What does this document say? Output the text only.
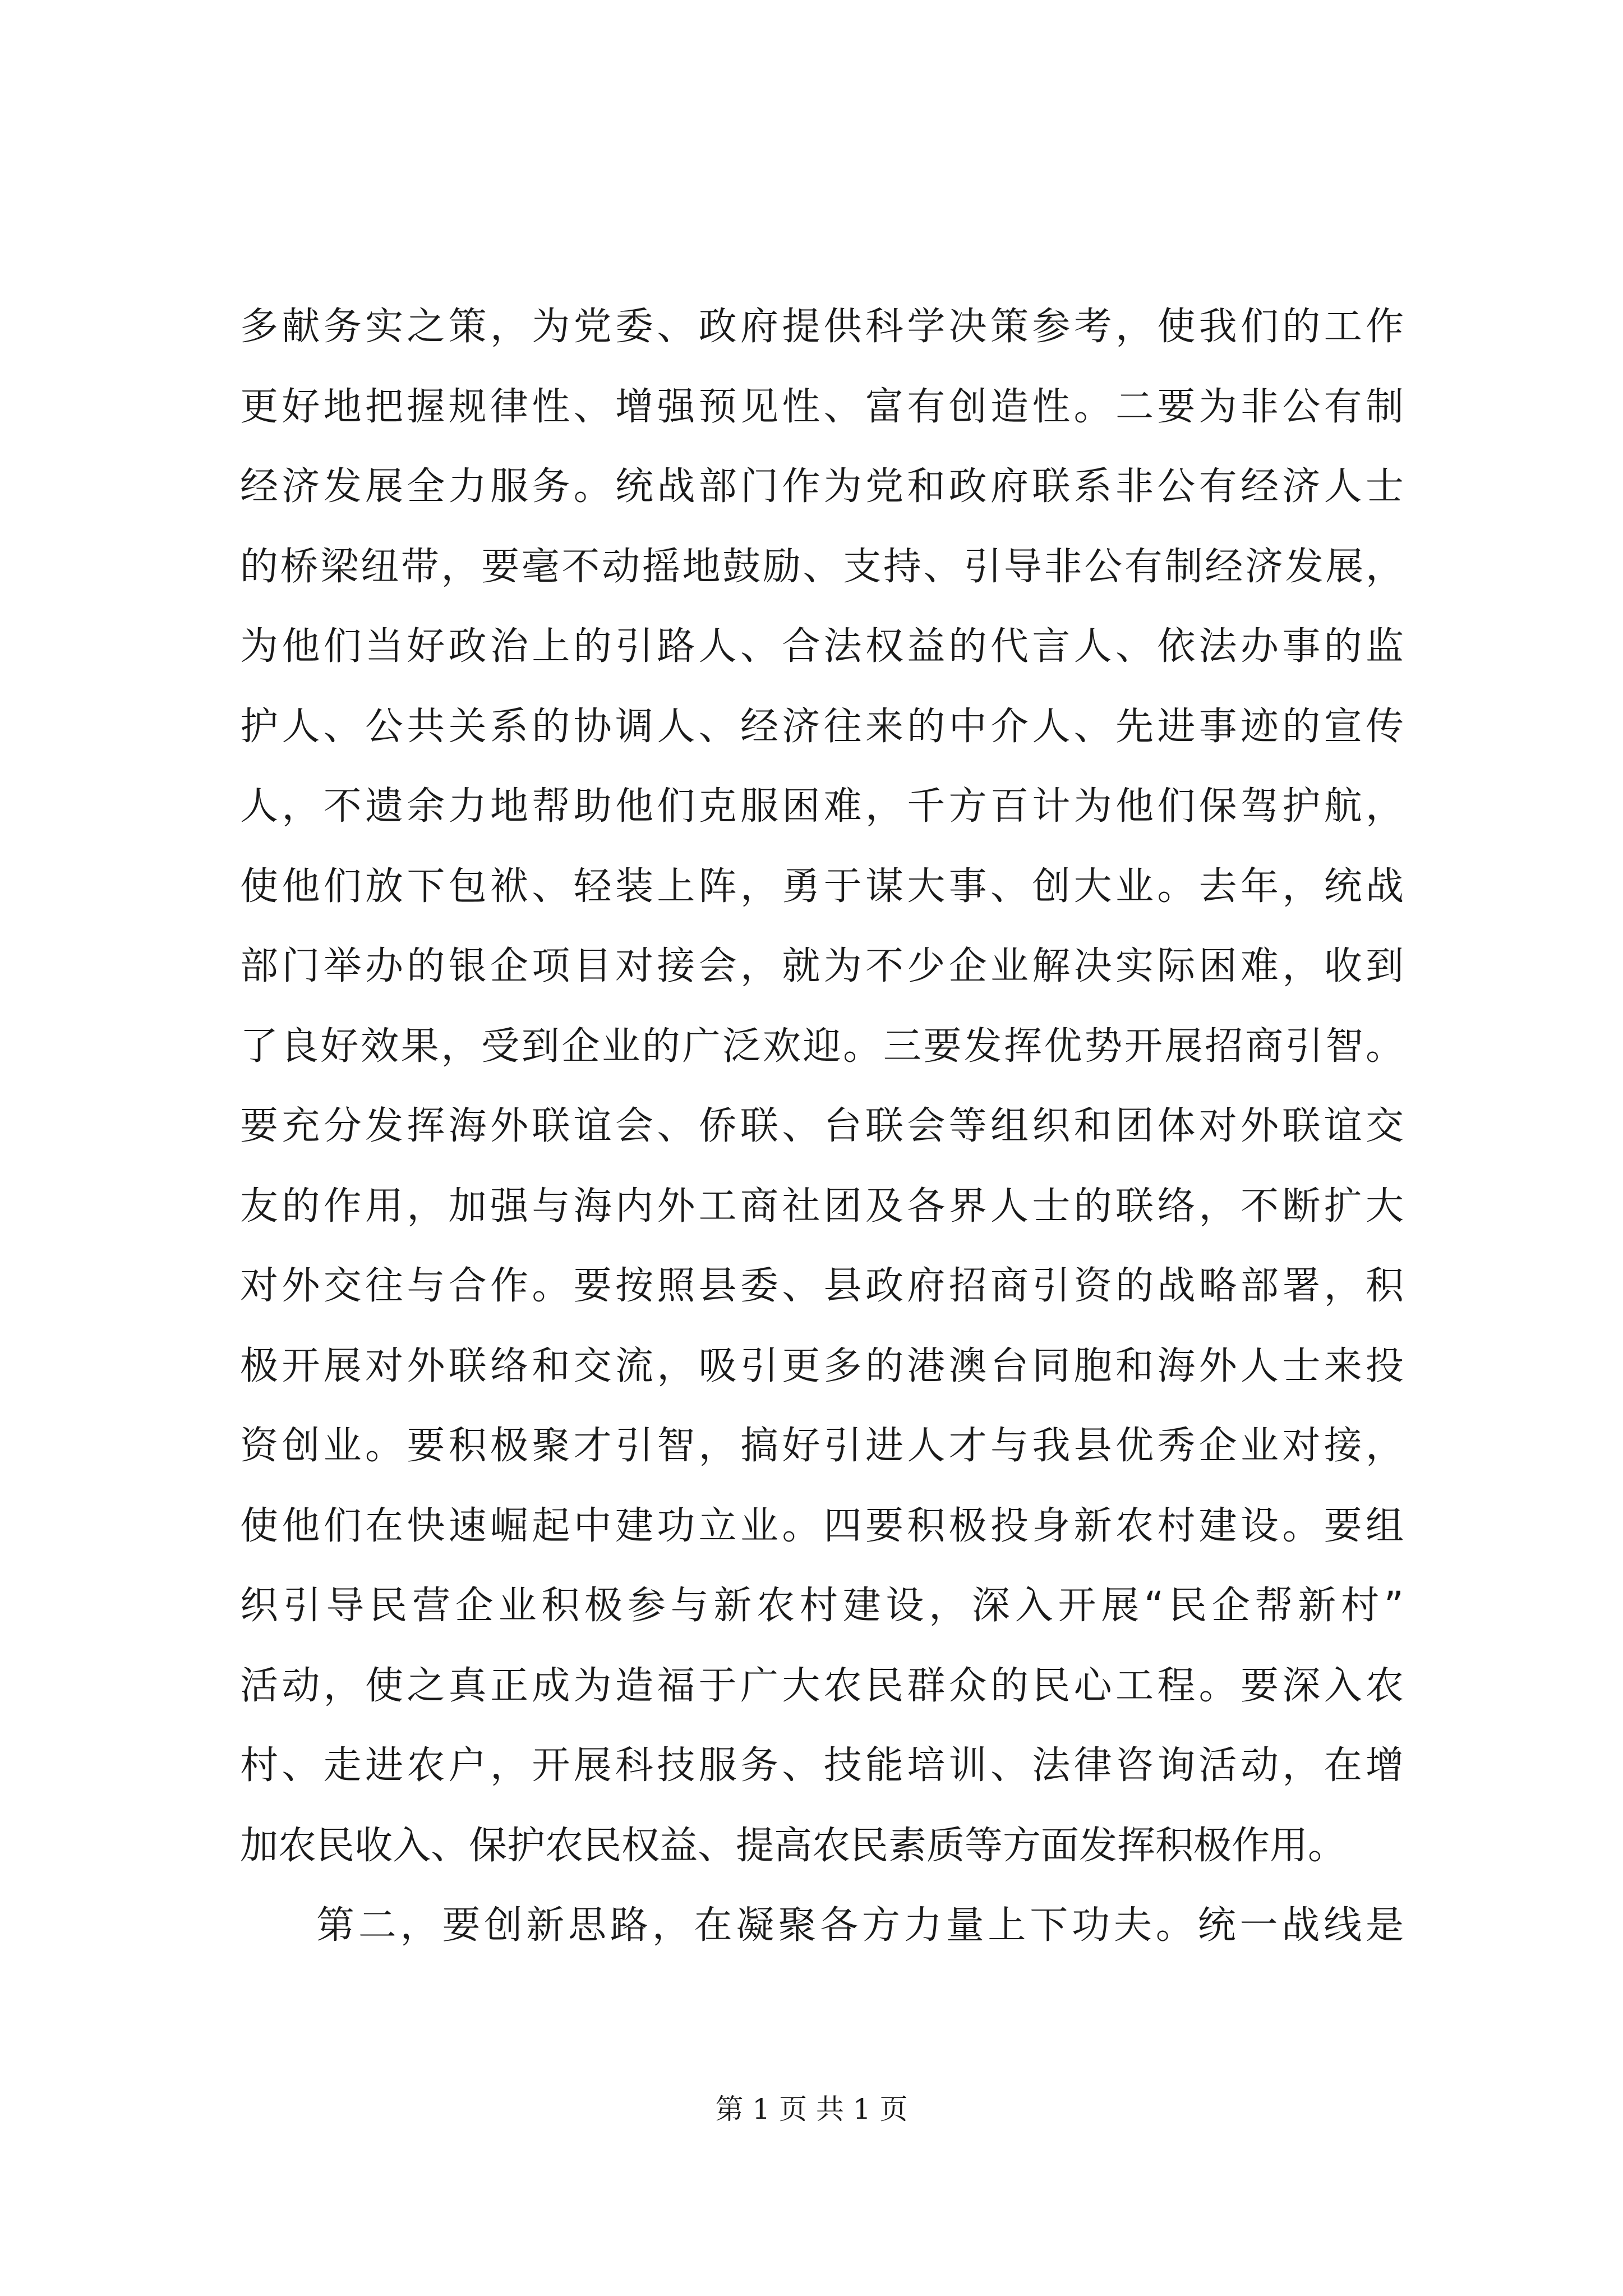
多献务实之策，为党委、政府提供科学决策参考，使我们的工作
更好地把握规律性、增强预见性、富有创造性。二要为非公有制
经济发展全力服务。统战部门作为党和政府联系非公有经济人士
的桥梁纽带，要毫不动摇地鼓励、支持、引导非公有制经济发展，
为他们当好政治上的引路人、合法权益的代言人、依法办事的监
护人、公共关系的协调人、经济往来的中介人、先进事迹的宣传
人，不遗余力地帮助他们克服困难，千方百计为他们保驾护航，
使他们放下包袱、轻装上阵，勇于谋大事、创大业。去年，统战
部门举办的银企项目对接会，就为不少企业解决实际困难，收到
了良好效果，受到企业的广泛欢迎。三要发挥优势开展招商引智。
要充分发挥海外联谊会、侨联、台联会等组织和团体对外联谊交
友的作用，加强与海内外工商社团及各界人士的联络，不断扩大
对外交往与合作。要按照县委、县政府招商引资的战略部署，积
极开展对外联络和交流，吸引更多的港澳台同胞和海外人士来投
资创业。要积极聚才引智，搞好引进人才与我县优秀企业对接，
使他们在快速崛起中建功立业。四要积极投身新农村建设。要组
织引导民营企业积极参与新农村建设，深入开展“民企帮新村”
活动，使之真正成为造福于广大农民群众的民心工程。要深入农
村、走进农户，开展科技服务、技能培训、法律咨询活动，在增
加农民收入、保护农民权益、提高农民素质等方面发挥积极作用。
第二，要创新思路，在凝聚各方力量上下功夫。统一战线是
第 1 页 共 1 页
